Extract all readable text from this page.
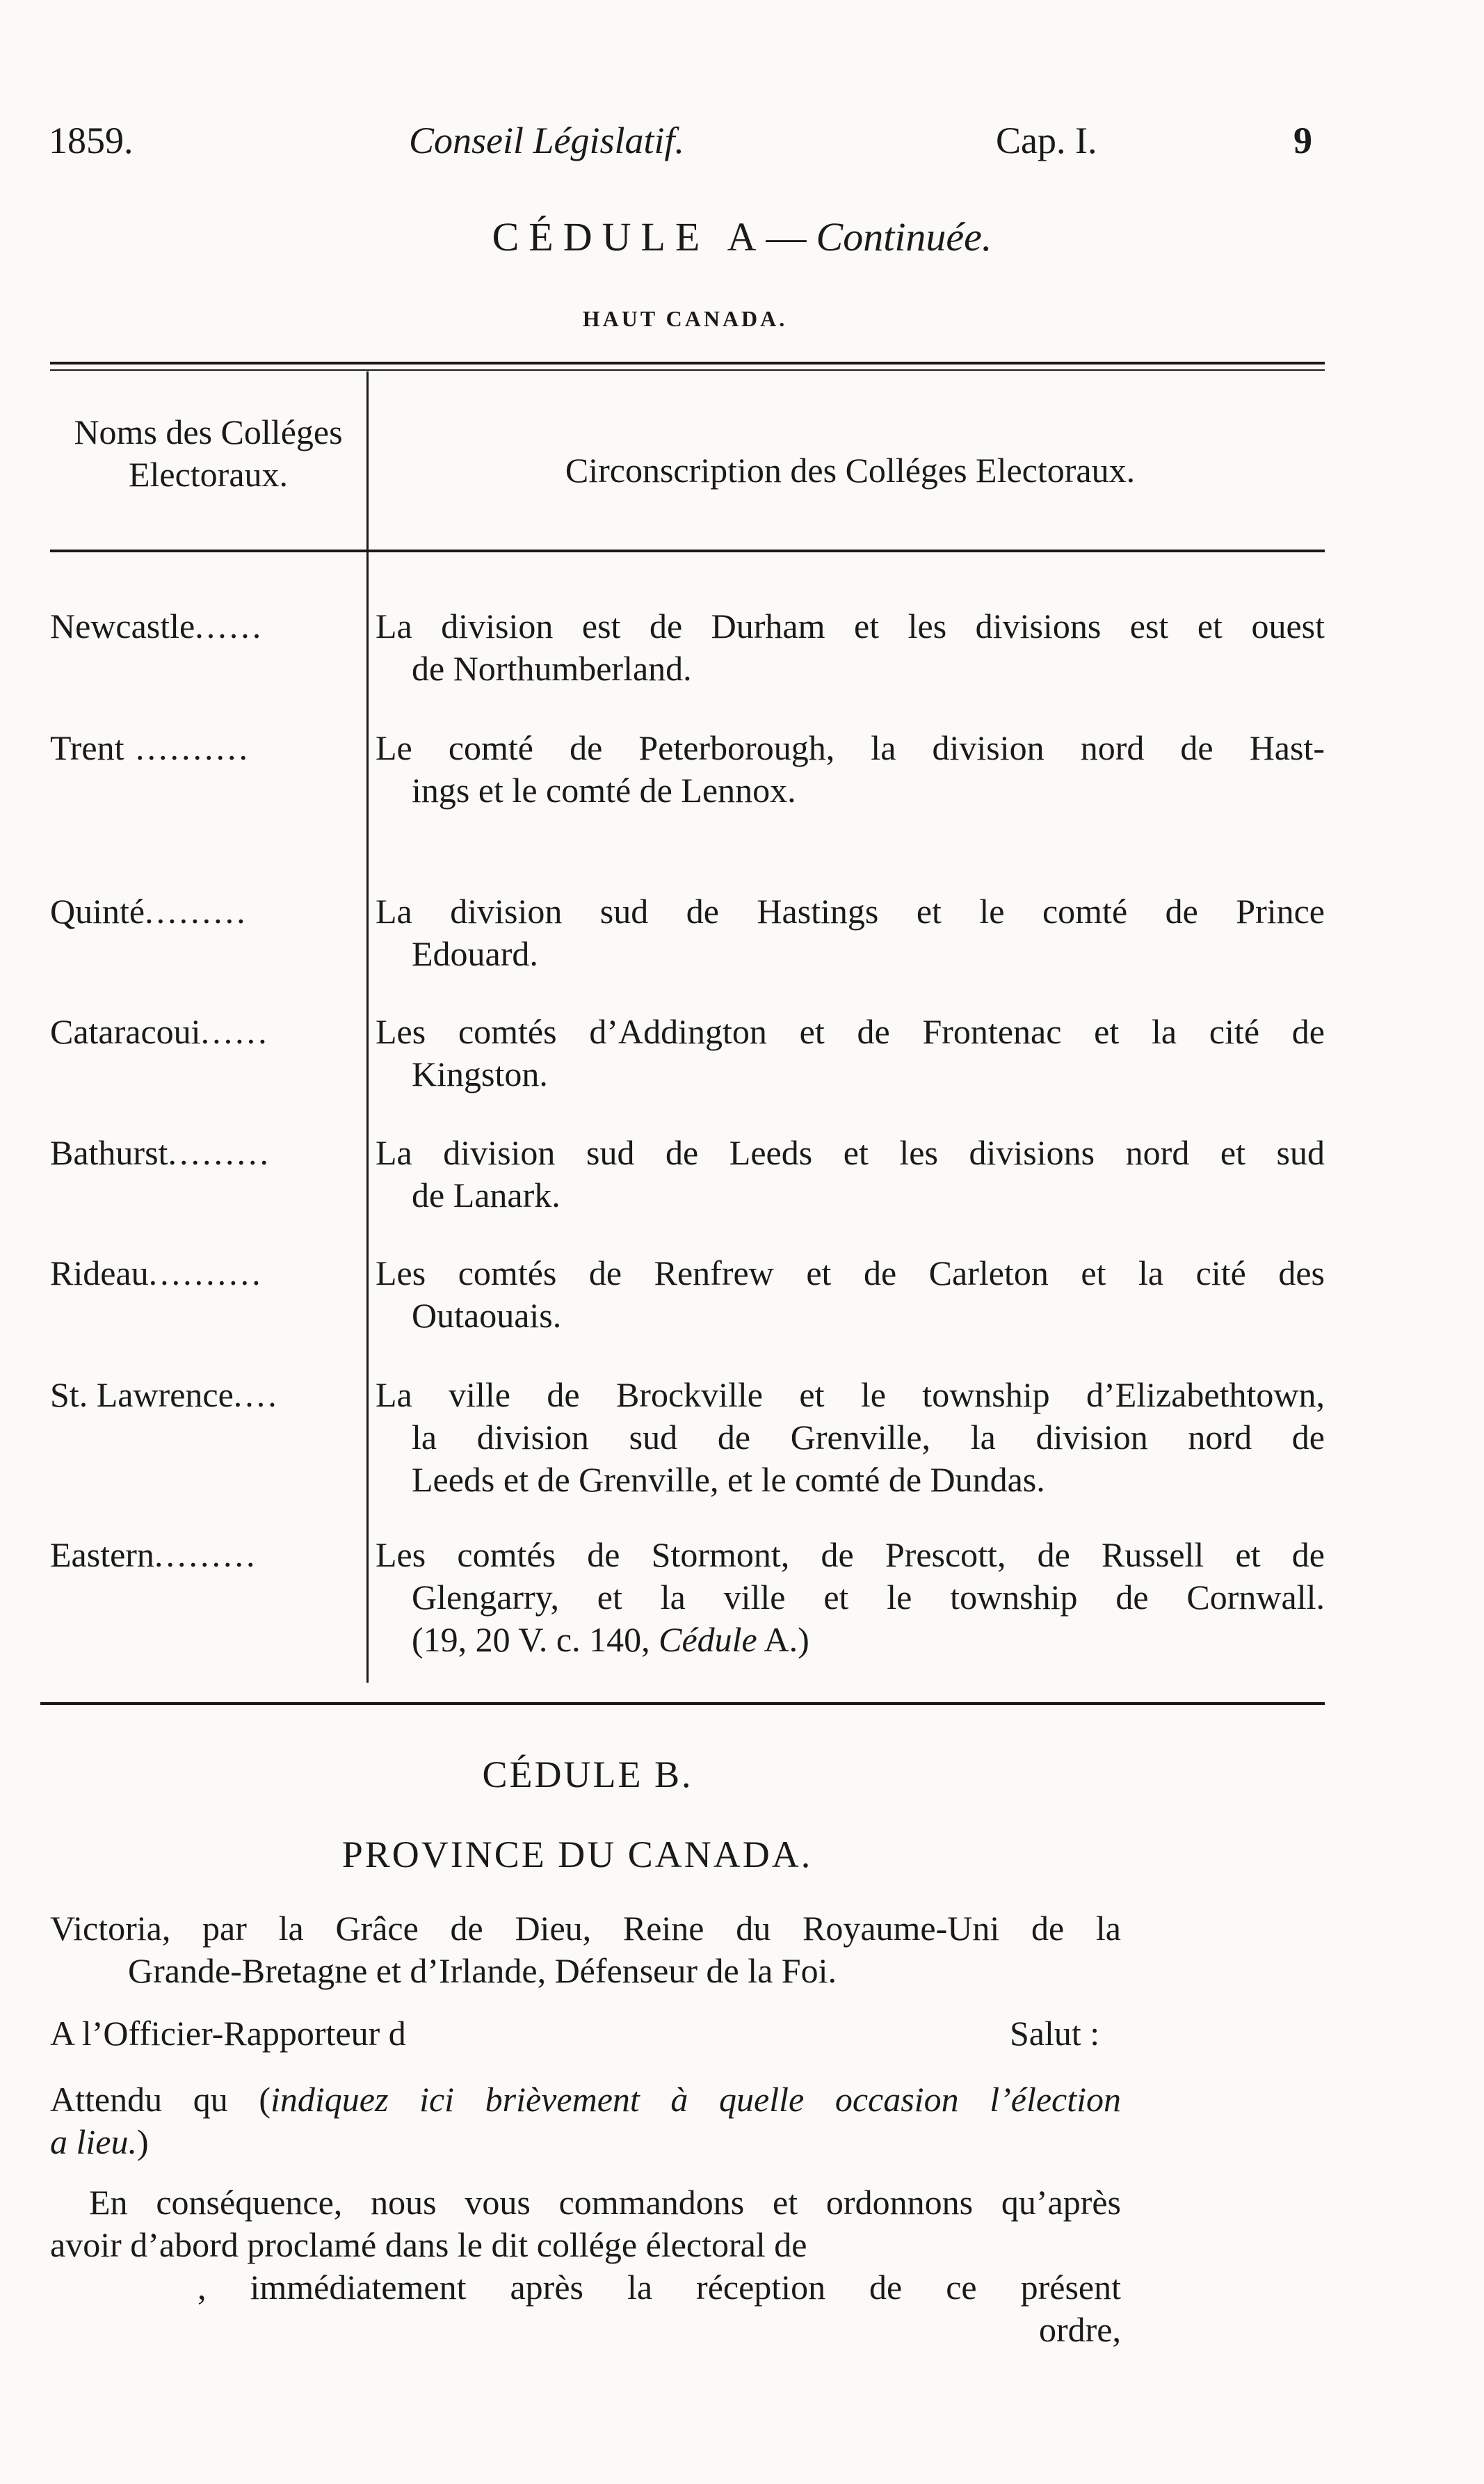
1859.	Conseil Législatif.	Cap. I.	9
CÉDULE A—Continuée.
HAUT CANADA.
Noms des Colléges
Electoraux.	Circonscription des Colléges Electoraux.
Newcastle......	La division est de Durham et les divisions est et ouest
de Northumberland.
Trent ..........	Le comté de Peterborough, la division nord de Hast-
ings et le comté de Lennox.
Quinté.........	La division sud de Hastings et le comté de Prince
Edouard.
Cataracoui......	Les comtés d’Addington et de Frontenac et la cité de
Kingston.
Bathurst.........	La division sud de Leeds et les divisions nord et sud
de Lanark.
Rideau..........	Les comtés de Renfrew et de Carleton et la cité des
Outaouais.
St. Lawrence....	La ville de Brockville et le township d’Elizabethtown,
la division sud de Grenville, la division nord de
Leeds et de Grenville, et le comté de Dundas.
Eastern.........	Les comtés de Stormont, de Prescott, de Russell et de
Glengarry, et la ville et le township de Cornwall.
(19, 20 V. c. 140, Cédule A.)
CÉDULE B.
PROVINCE DU CANADA.
Victoria, par la Grâce de Dieu, Reine du Royaume-Uni de la
Grande-Bretagne et d’Irlande, Défenseur de la Foi.
A l’Officier-Rapporteur d	Salut :
Attendu qu (indiquez ici brièvement à quelle occasion l’élection
a lieu.)
En conséquence, nous vous commandons et ordonnons qu’après
avoir d’abord proclamé dans le dit collége électoral de
, immédiatement après la réception de ce présent
ordre,
